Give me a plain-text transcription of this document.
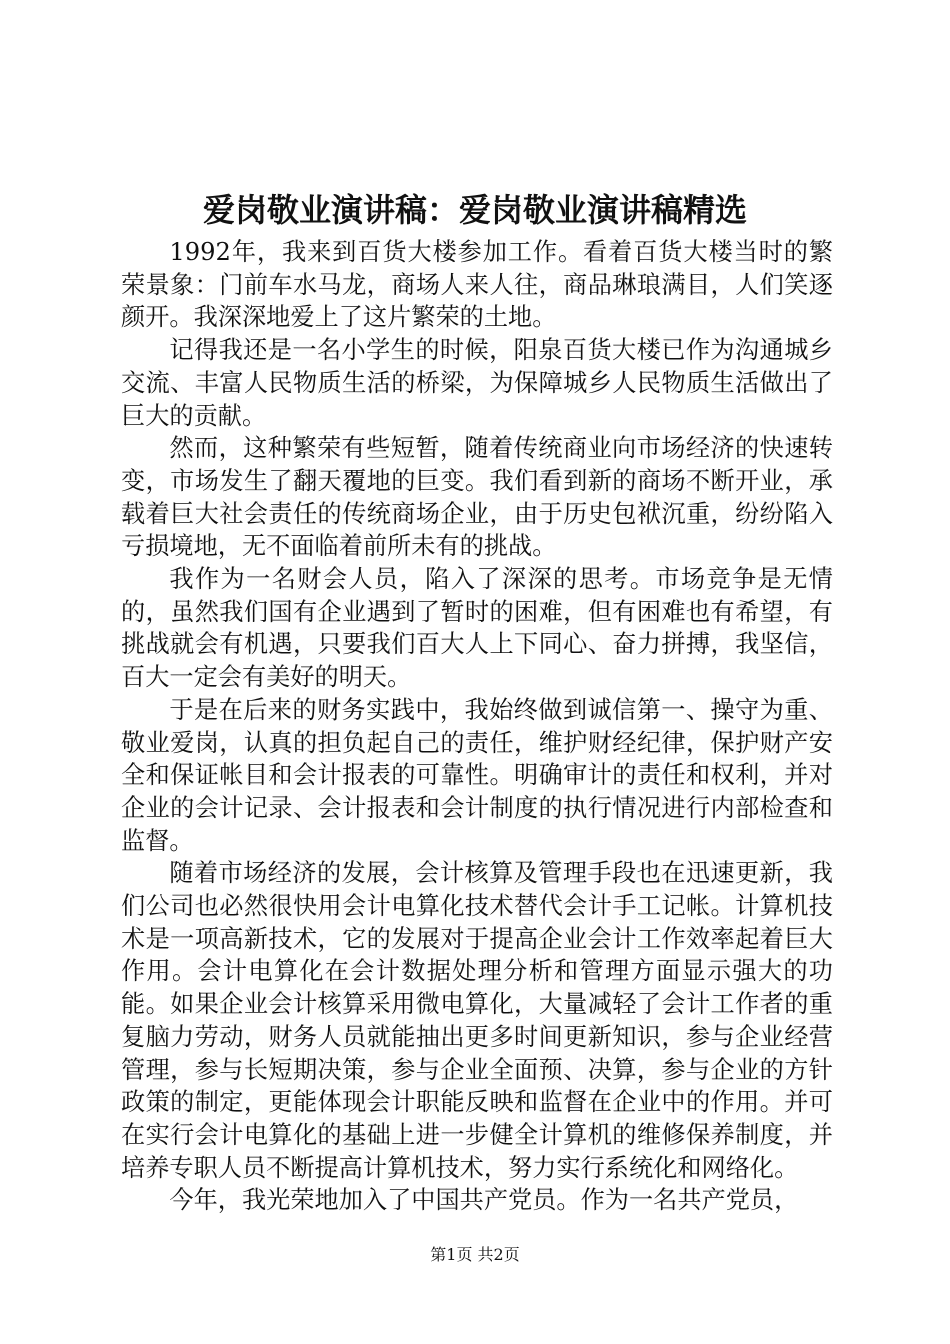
爱岗敬业演讲稿：爱岗敬业演讲稿精选

1992年，我来到百货大楼参加工作。看着百货大楼当时的繁荣景象：门前车水马龙，商场人来人往，商品琳琅满目，人们笑逐颜开。我深深地爱上了这片繁荣的土地。

记得我还是一名小学生的时候，阳泉百货大楼已作为沟通城乡交流、丰富人民物质生活的桥梁，为保障城乡人民物质生活做出了巨大的贡献。

然而，这种繁荣有些短暂，随着传统商业向市场经济的快速转变，市场发生了翻天覆地的巨变。我们看到新的商场不断开业，承载着巨大社会责任的传统商场企业，由于历史包袱沉重，纷纷陷入亏损境地，无不面临着前所未有的挑战。

我作为一名财会人员，陷入了深深的思考。市场竞争是无情的，虽然我们国有企业遇到了暂时的困难，但有困难也有希望，有挑战就会有机遇，只要我们百大人上下同心、奋力拼搏，我坚信，百大一定会有美好的明天。

于是在后来的财务实践中，我始终做到诚信第一、操守为重、敬业爱岗，认真的担负起自己的责任，维护财经纪律，保护财产安全和保证帐目和会计报表的可靠性。明确审计的责任和权利，并对企业的会计记录、会计报表和会计制度的执行情况进行内部检查和监督。

随着市场经济的发展，会计核算及管理手段也在迅速更新，我们公司也必然很快用会计电算化技术替代会计手工记帐。计算机技术是一项高新技术，它的发展对于提高企业会计工作效率起着巨大作用。会计电算化在会计数据处理分析和管理方面显示强大的功能。如果企业会计核算采用微电算化，大量减轻了会计工作者的重复脑力劳动，财务人员就能抽出更多时间更新知识，参与企业经营管理，参与长短期决策，参与企业全面预、决算，参与企业的方针政策的制定，更能体现会计职能反映和监督在企业中的作用。并可在实行会计电算化的基础上进一步健全计算机的维修保养制度，并培养专职人员不断提高计算机技术，努力实行系统化和网络化。

今年，我光荣地加入了中国共产党员。作为一名共产党员，

第1页 共2页
